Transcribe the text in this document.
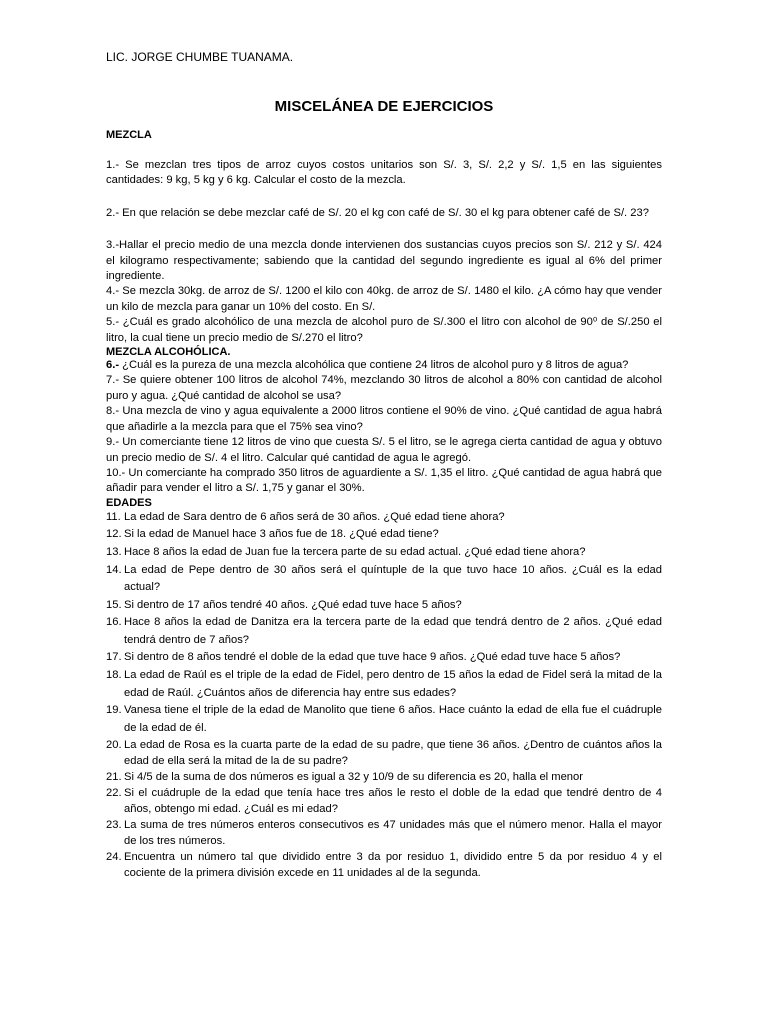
LIC. JORGE CHUMBE TUANAMA.

MISCELÁNEA DE EJERCICIOS

MEZCLA

1.- Se mezclan tres tipos de arroz cuyos costos unitarios son S/. 3, S/. 2,2 y S/. 1,5 en las siguientes cantidades: 9 kg, 5 kg y 6 kg. Calcular el costo de la mezcla.

2.- En que relación se debe mezclar café de S/. 20 el kg con café de S/. 30 el kg para obtener café de S/. 23?

3.-Hallar el precio medio de una mezcla donde intervienen dos sustancias cuyos precios son S/. 212 y S/. 424 el kilogramo respectivamente; sabiendo que la cantidad del segundo ingrediente es igual al 6% del primer ingrediente.

4.- Se mezcla 30kg. de arroz de S/. 1200 el kilo con 40kg. de arroz de S/. 1480 el kilo. ¿A cómo hay que vender un kilo de mezcla para ganar un 10% del costo. En S/.

5.- ¿Cuál es grado alcohólico de una mezcla de alcohol puro de S/.300 el litro con alcohol de 90⁰ de S/.250 el litro, la cual tiene un precio medio de S/.270 el litro?

MEZCLA ALCOHÓLICA.

6.- ¿Cuál es la pureza de una mezcla alcohólica que contiene 24 litros de alcohol puro y 8 litros de agua?

7.- Se quiere obtener 100 litros de alcohol 74%, mezclando 30 litros de alcohol a 80% con cantidad de alcohol puro y agua. ¿Qué cantidad de alcohol se usa?

8.- Una mezcla de vino y agua equivalente a 2000 litros contiene el 90% de vino. ¿Qué cantidad de agua habrá que añadirle a la mezcla para que el 75% sea vino?

9.- Un comerciante tiene 12 litros de vino que cuesta S/. 5 el litro, se le agrega cierta cantidad de agua y obtuvo un precio medio de S/. 4 el litro. Calcular qué cantidad de agua le agregó.

10.- Un comerciante ha comprado 350 litros de aguardiente a S/. 1,35 el litro. ¿Qué cantidad de agua habrá que añadir para vender el litro a S/. 1,75 y ganar el 30%.

EDADES

11. La edad de Sara dentro de 6 años será de 30 años. ¿Qué edad tiene ahora?
12. Si la edad de Manuel hace 3 años fue de 18. ¿Qué edad tiene?
13. Hace 8 años la edad de Juan fue la tercera parte de su edad actual. ¿Qué edad tiene ahora?
14. La edad de Pepe dentro de 30 años será el quíntuple de la que tuvo hace 10 años. ¿Cuál es la edad actual?
15. Si dentro de 17 años tendré 40 años. ¿Qué edad tuve hace 5 años?
16. Hace 8 años la edad de Danitza era la tercera parte de la edad que tendrá dentro de 2 años. ¿Qué edad tendrá dentro de 7 años?
17. Si dentro de 8 años tendré el doble de la edad que tuve hace 9 años. ¿Qué edad tuve hace 5 años?
18. La edad de Raúl es el triple de la edad de Fidel, pero dentro de 15 años la edad de Fidel será la mitad de la edad de Raúl. ¿Cuántos años de diferencia hay entre sus edades?
19. Vanesa tiene el triple de la edad de Manolito que tiene 6 años. Hace cuánto la edad de ella fue el cuádruple de la edad de él.
20. La edad de Rosa es la cuarta parte de la edad de su padre, que tiene 36 años. ¿Dentro de cuántos años la edad de ella será la mitad de la de su padre?
21. Si 4/5 de la suma de dos números es igual a 32 y 10/9 de su diferencia es 20, halla el menor
22. Si el cuádruple de la edad que tenía hace tres años le resto el doble de la edad que tendré dentro de 4 años, obtengo mi edad. ¿Cuál es mi edad?
23. La suma de tres números enteros consecutivos es 47 unidades más que el número menor. Halla el mayor de los tres números.
24. Encuentra un número tal que dividido entre 3 da por residuo 1, dividido entre 5 da por residuo 4 y el cociente de la primera división excede en 11 unidades al de la segunda.
